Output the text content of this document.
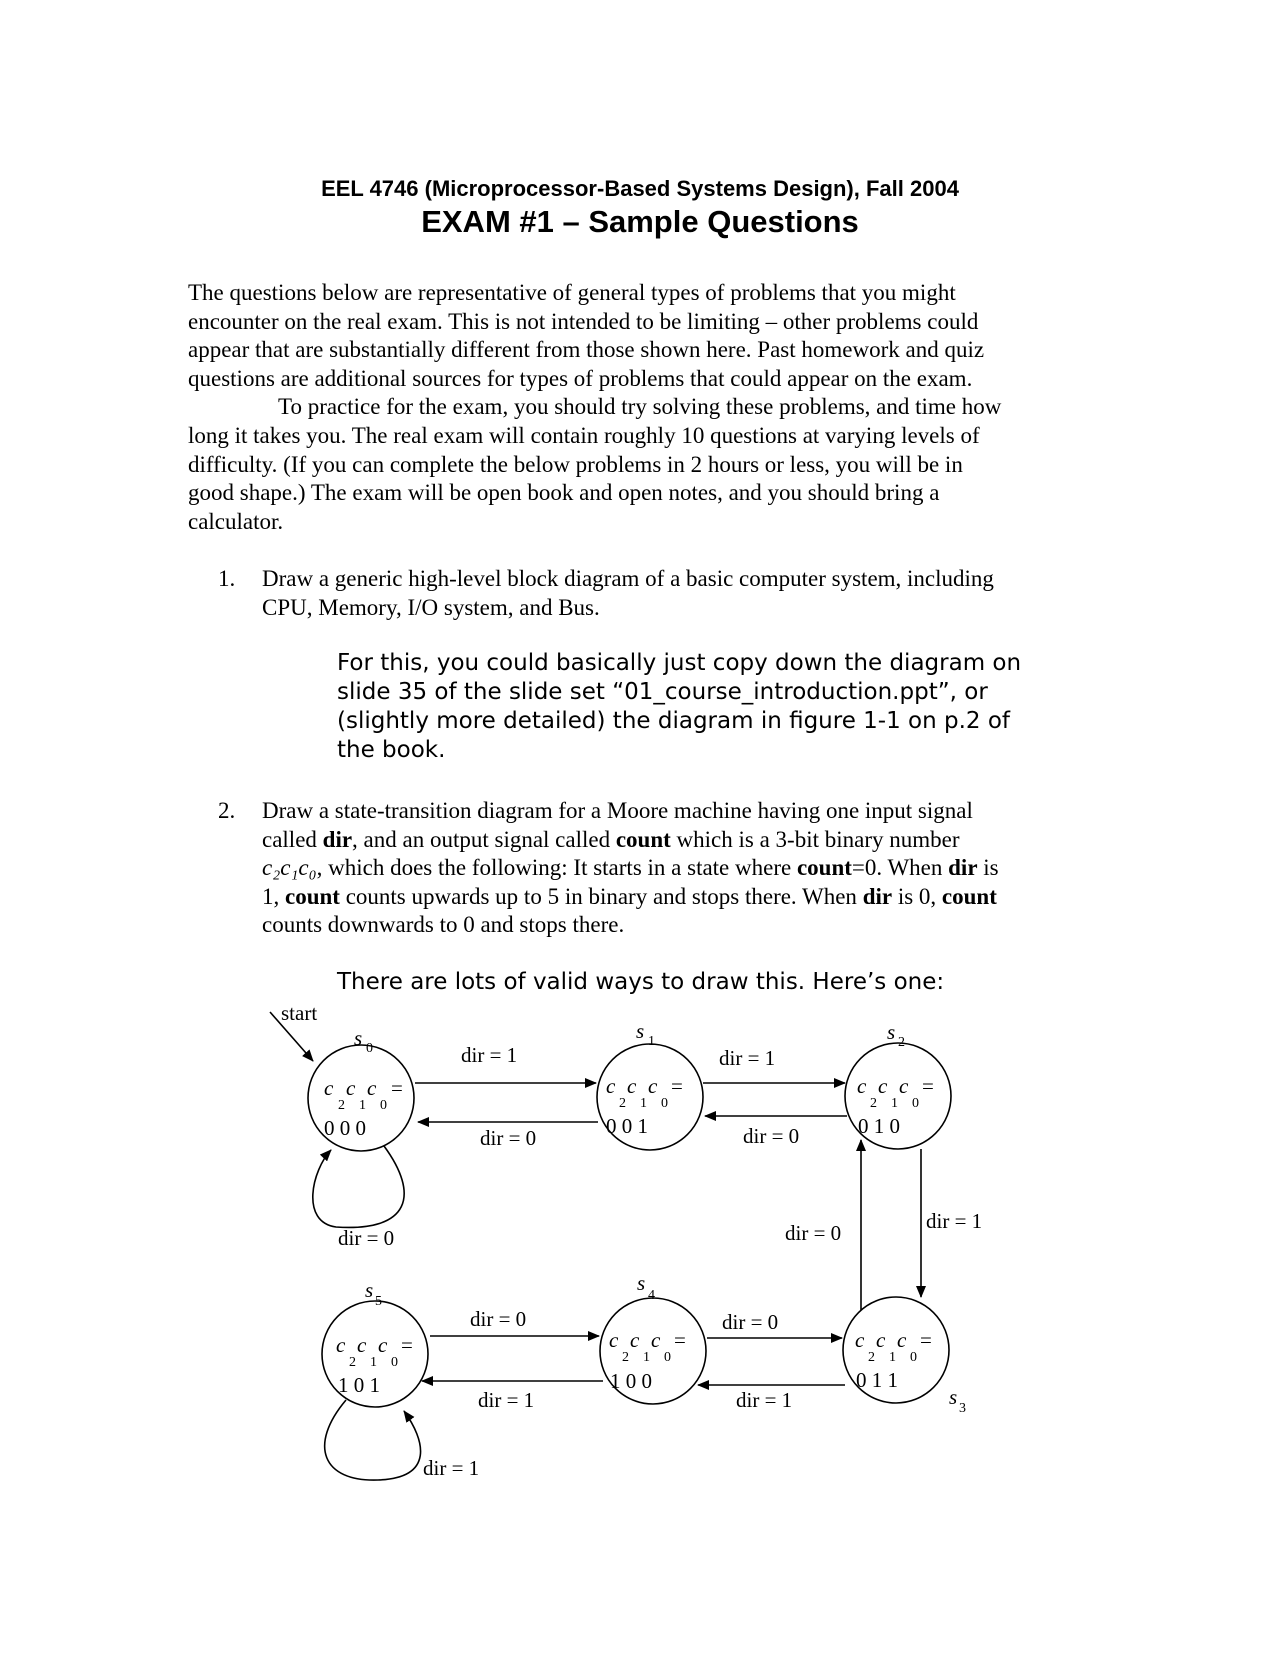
EEL 4746 (Microprocessor-Based Systems Design), Fall 2004
EXAM #1 – Sample Questions
The questions below are representative of general types of problems that you might
encounter on the real exam. This is not intended to be limiting – other problems could
appear that are substantially different from those shown here. Past homework and quiz
questions are additional sources for types of problems that could appear on the exam.
To practice for the exam, you should try solving these problems, and time how
long it takes you. The real exam will contain roughly 10 questions at varying levels of
difficulty. (If you can complete the below problems in 2 hours or less, you will be in
good shape.) The exam will be open book and open notes, and you should bring a
calculator.
1. Draw a generic high-level block diagram of a basic computer system, including
CPU, Memory, I/O system, and Bus.
For this, you could basically just copy down the diagram on
slide 35 of the slide set “01_course_introduction.ppt”, or
(slightly more detailed) the diagram in figure 1-1 on p.2 of
the book.
2. Draw a state-transition diagram for a Moore machine having one input signal
called dir, and an output signal called count which is a 3-bit binary number
c₂c₁c₀, which does the following: It starts in a state where count=0. When dir is
1, count counts upwards up to 5 in binary and stops there. When dir is 0, count
counts downwards to 0 and stops there.
There are lots of valid ways to draw this. Here’s one:
start
s 0
c
2
c
1
c
0
=
0 0 0
s 1
c
2
c
1
c
0
=
0 0 1
s 2
c
2
c
1
c
0
=
0 1 0
s 3
c
2
c
1
c
0
=
0 1 1
s
4
c
2
c
1
c
0
=
1 0 0
s 5
c
2
c
1
c
0
=
1 0 1
dir = 1
dir = 0
dir = 1
dir = 0
dir = 0
dir = 1
dir = 0
dir = 0
dir = 1
dir = 0
dir = 1
dir = 1
